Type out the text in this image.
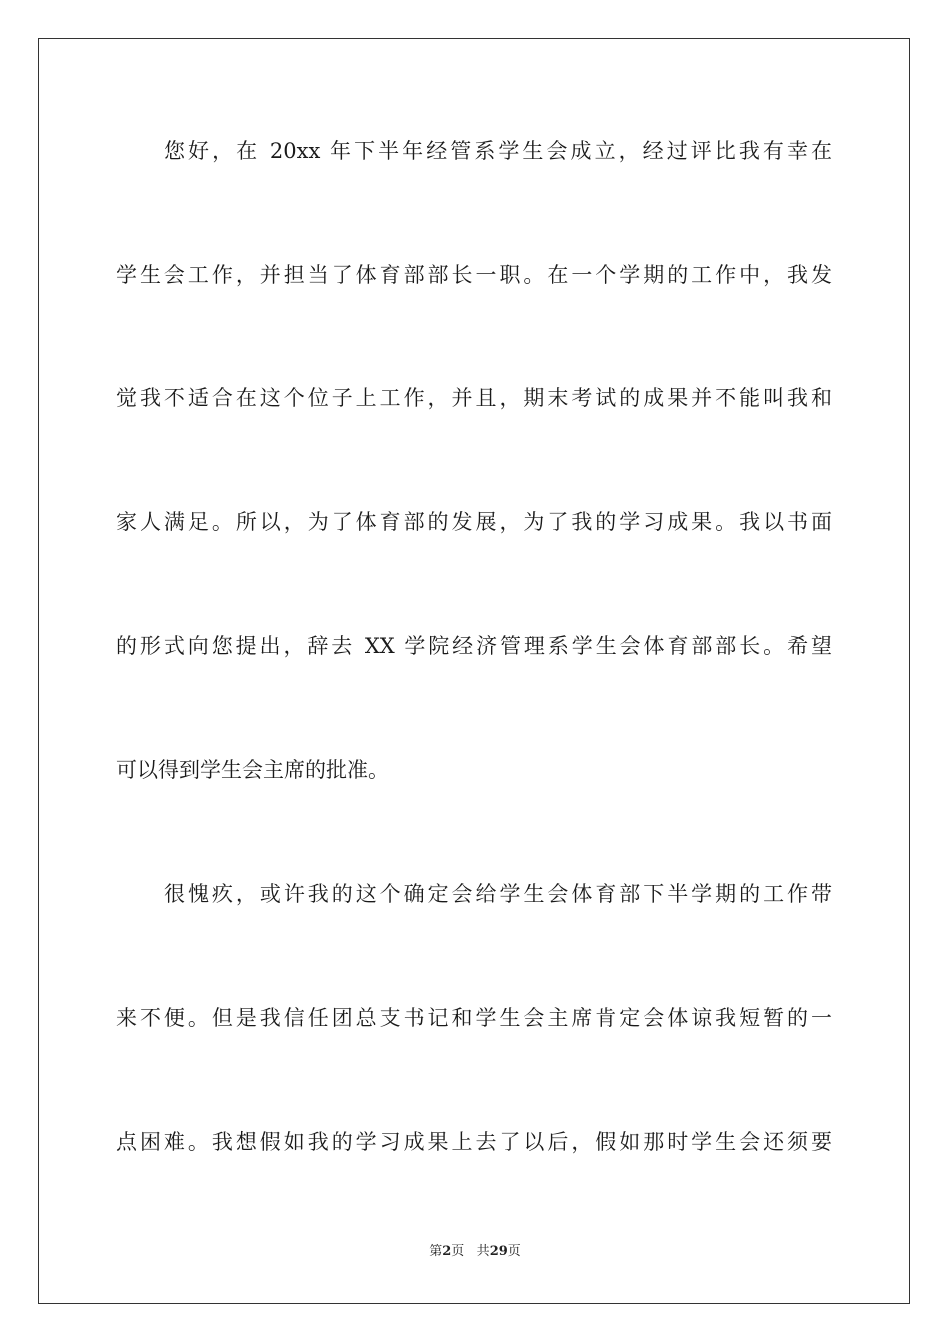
您好，在 20xx 年下半年经管系学生会成立，经过评比我有幸在
学生会工作，并担当了体育部部长一职。在一个学期的工作中，我发
觉我不适合在这个位子上工作，并且，期末考试的成果并不能叫我和
家人满足。所以，为了体育部的发展，为了我的学习成果。我以书面
的形式向您提出，辞去 XX 学院经济管理系学生会体育部部长。希望
可以得到学生会主席的批准。
很愧疚，或许我的这个确定会给学生会体育部下半学期的工作带
来不便。但是我信任团总支书记和学生会主席肯定会体谅我短暂的一
点困难。我想假如我的学习成果上去了以后，假如那时学生会还须要
第2页 共29页
